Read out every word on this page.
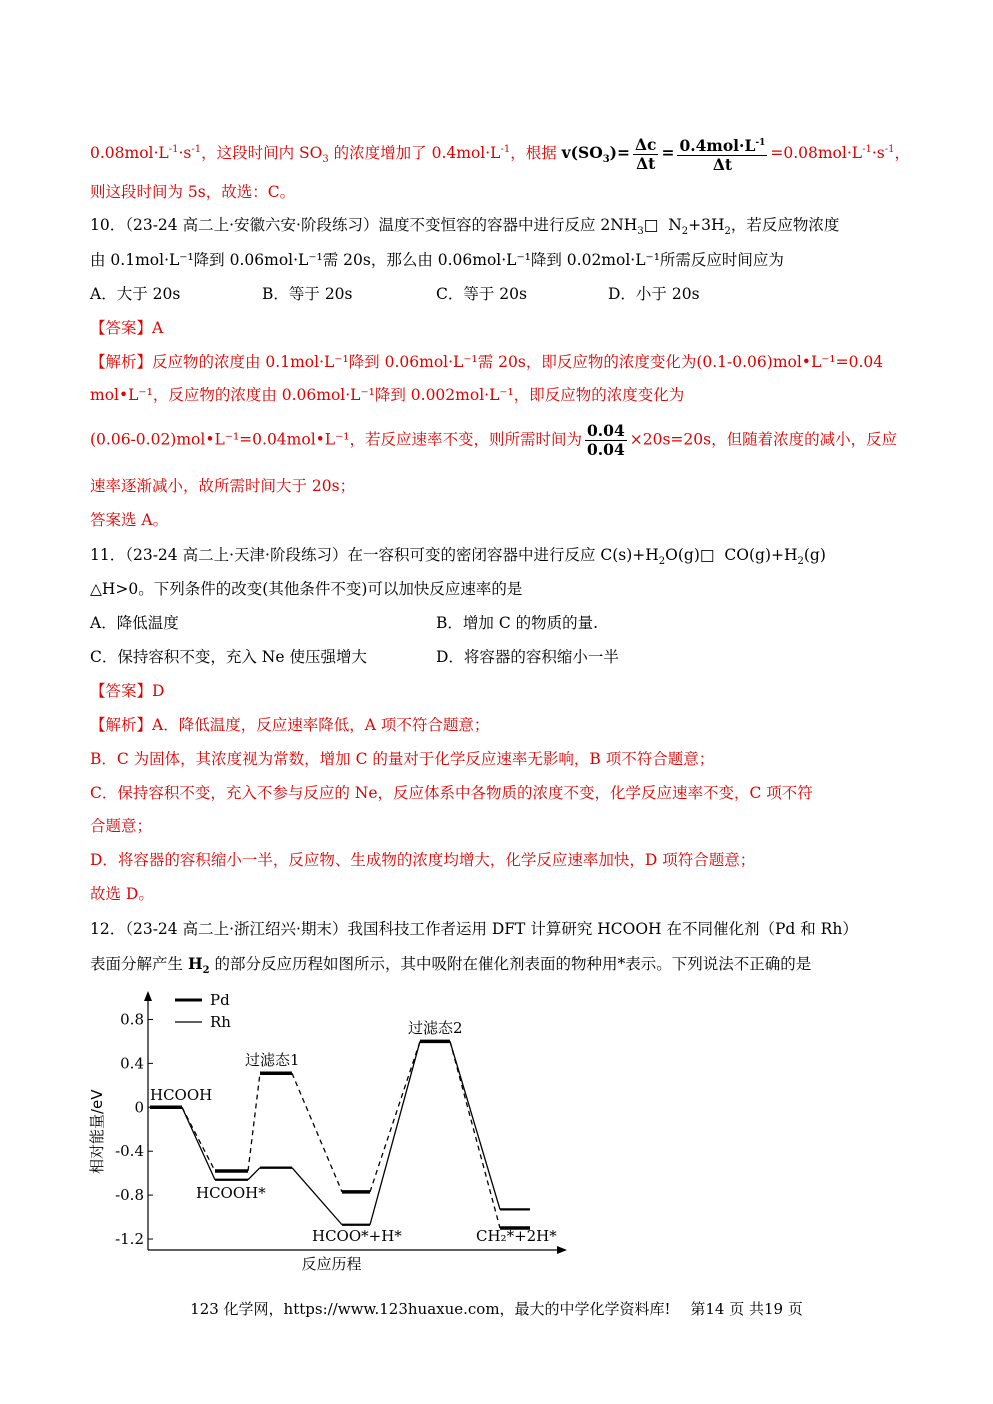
$0.08mol\cdot L^{-1}\cdot s^{-1}$，这段时间内 $SO_3$ 的浓度增加了 $0.4mol\cdot L^{-1}$，根据 $v(SO_3)= \frac{\Delta c}{\Delta t} = \frac{0.4mol\cdot L^{-1}}{\Delta t} =0.08mol\cdot L^{-1}\cdot s^{-1}$，
则这段时间为 5s，故选：C。
10．（23-24 高二上·安徽六安·阶段练习）温度不变恒容的容器中进行反应 $2NH_3□$ $N_2+3H_2$，若反应物浓度
由 0.1mol·L⁻¹降到 0.06mol·L⁻¹需 20s，那么由 0.06mol·L⁻¹降到 0.02mol·L⁻¹所需反应时间应为
A．大于 20s	B．等于 20s	C．等于 20s	D．小于 20s
【答案】A
【解析】反应物的浓度由 0.1mol·L⁻¹降到 0.06mol·L⁻¹需 20s，即反应物的浓度变化为(0.1-0.06)mol•L⁻¹=0.04
mol•L⁻¹，反应物的浓度由 0.06mol·L⁻¹降到 0.002mol·L⁻¹，即反应物的浓度变化为
(0.06-0.02)mol•L⁻¹=0.04mol•L⁻¹，若反应速率不变，则所需时间为 $\frac{0.04}{0.04} \times 20s=20s$，但随着浓度的减小，反应
速率逐渐减小，故所需时间大于 20s；
答案选 A。
11．（23-24 高二上·天津·阶段练习）在一容积可变的密闭容器中进行反应 $C(s)+H_2O(g)□$ $CO(g)+H_2(g)$
△H>0。下列条件的改变(其他条件不变)可以加快反应速率的是
A．降低温度	B．增加 C 的物质的量.
C．保持容积不变，充入 Ne 使压强增大	D．将容器的容积缩小一半
【答案】D
【解析】A．降低温度，反应速率降低，A 项不符合题意；
B．C 为固体，其浓度视为常数，增加 C 的量对于化学反应速率无影响，B 项不符合题意；
C．保持容积不变，充入不参与反应的 Ne，反应体系中各物质的浓度不变，化学反应速率不变，C 项不符
合题意；
D．将容器的容积缩小一半，反应物、生成物的浓度均增大，化学反应速率加快，D 项符合题意；
故选 D。
12．（23-24 高二上·浙江绍兴·期末）我国科技工作者运用 DFT 计算研究 HCOOH 在不同催化剂（Pd 和 Rh）
表面分解产生 $H_2$ 的部分反应历程如图所示，其中吸附在催化剂表面的物种用*表示。下列说法不正确的是
0.8
0.4
0
-0.4
-0.8
-1.2
相对能量/eV
反应历程
Pd
Rh
HCOOH
HCOOH*
过滤态1
HCOO*+H*
过滤态2
CH₂*+2H*
123 化学网，https://www.123huaxue.com，最大的中学化学资料库!　 第14 页 共19 页
